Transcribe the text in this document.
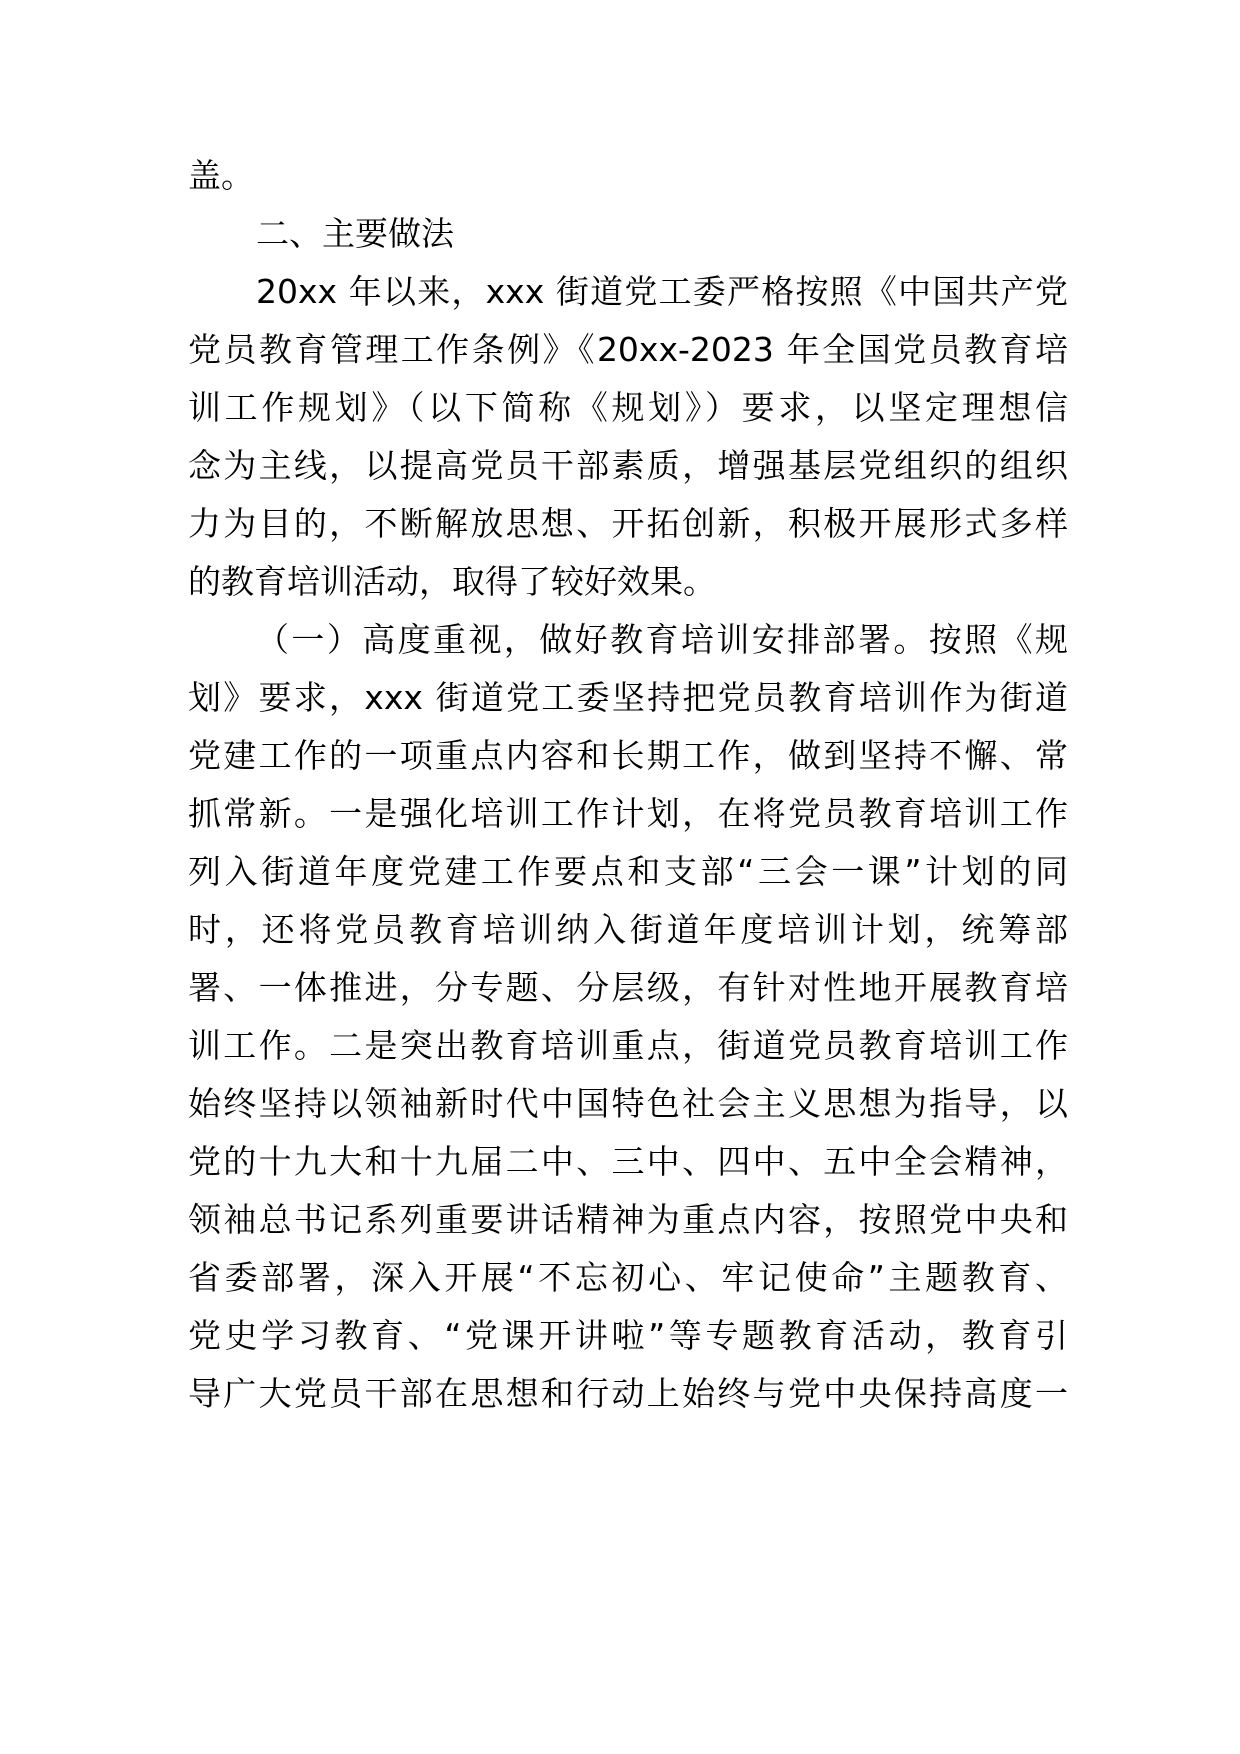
盖。
二、主要做法
20xx 年以来，xxx 街道党工委严格按照《中国共产党
党员教育管理工作条例》《20xx-2023 年全国党员教育培
训工作规划》（以下简称《规划》）要求，以坚定理想信
念为主线，以提高党员干部素质，增强基层党组织的组织
力为目的，不断解放思想、开拓创新，积极开展形式多样
的教育培训活动，取得了较好效果。
（一）高度重视，做好教育培训安排部署。按照《规
划》要求，xxx 街道党工委坚持把党员教育培训作为街道
党建工作的一项重点内容和长期工作，做到坚持不懈、常
抓常新。一是强化培训工作计划，在将党员教育培训工作
列入街道年度党建工作要点和支部“三会一课”计划的同
时，还将党员教育培训纳入街道年度培训计划，统筹部
署、一体推进，分专题、分层级，有针对性地开展教育培
训工作。二是突出教育培训重点，街道党员教育培训工作
始终坚持以领袖新时代中国特色社会主义思想为指导，以
党的十九大和十九届二中、三中、四中、五中全会精神，
领袖总书记系列重要讲话精神为重点内容，按照党中央和
省委部署，深入开展“不忘初心、牢记使命”主题教育、
党史学习教育、“党课开讲啦”等专题教育活动，教育引
导广大党员干部在思想和行动上始终与党中央保持高度一
